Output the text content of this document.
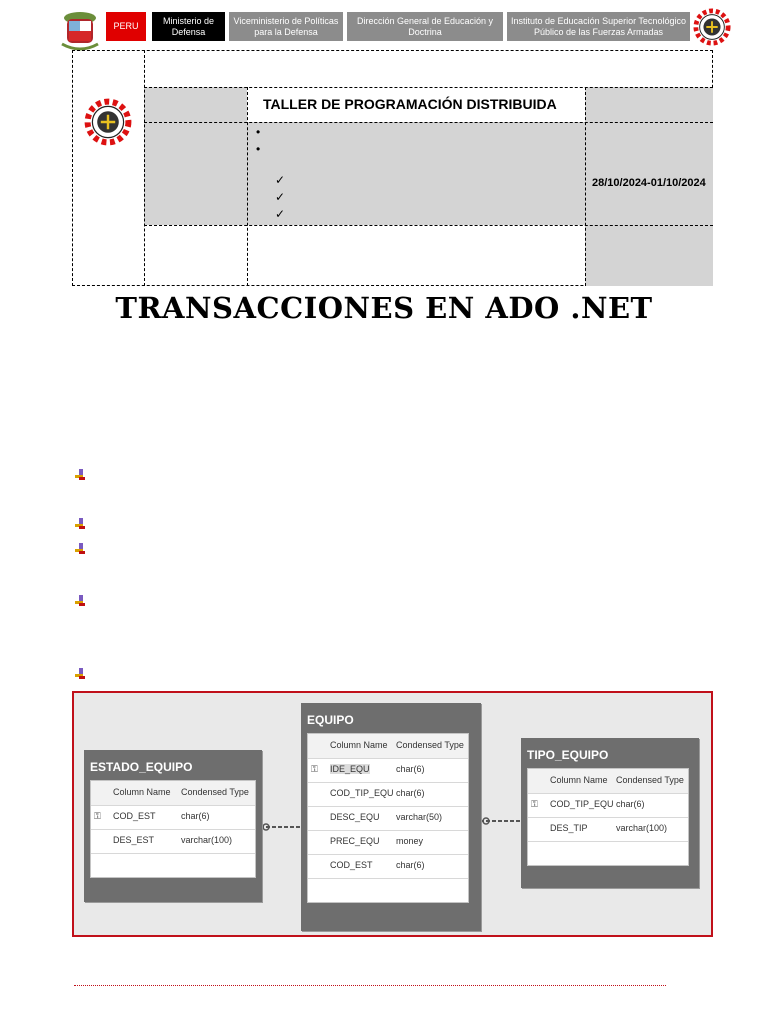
PERU
Ministerio de Defensa
Viceministerio de Políticas para la Defensa
Dirección General de Educación y Doctrina
Instituto de Educación Superior Tecnológico Público de las Fuerzas Armadas
TALLER DE PROGRAMACIÓN DISTRIBUIDA
•
•
✓
✓
✓
28/10/2024-01/10/2024
TRANSACCIONES EN ADO .NET
ESTADO_EQUIPO
Column Name Condensed Type
⚿ COD_EST	char(6)
DES_EST	varchar(100)
EQUIPO
Column Name Condensed Type
⚿ IDE_EQU	char(6)
COD_TIP_EQU char(6)
DESC_EQU varchar(50)
PREC_EQU money
COD_EST	char(6)
TIPO_EQUIPO
Column Name Condensed Type
⚿ COD_TIP_EQU char(6)
DES_TIP	varchar(100)
